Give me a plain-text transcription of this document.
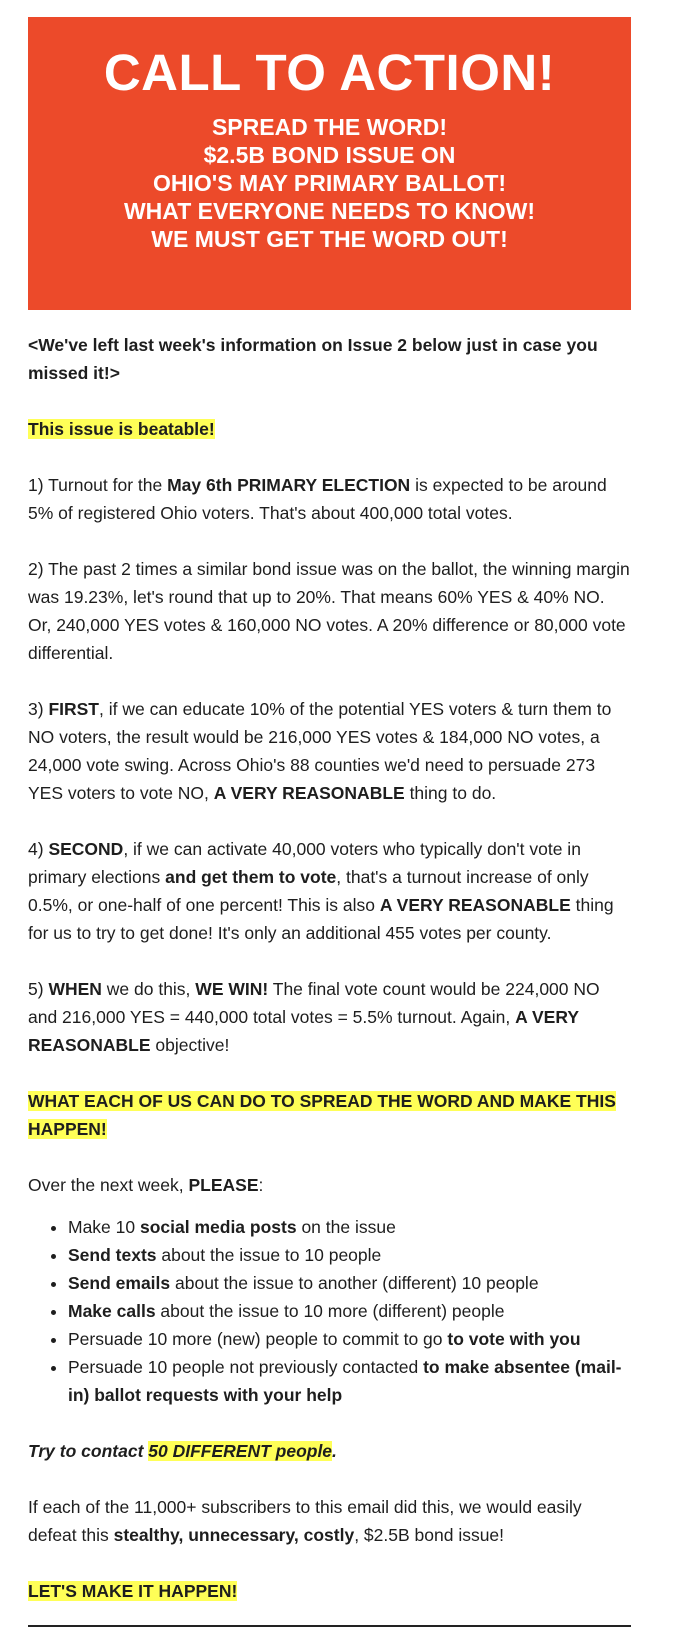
CALL TO ACTION!
SPREAD THE WORD!
$2.5B BOND ISSUE ON
OHIO'S MAY PRIMARY BALLOT!
WHAT EVERYONE NEEDS TO KNOW!
WE MUST GET THE WORD OUT!

<We've left last week's information on Issue 2 below just in case you missed it!>

This issue is beatable!

1) Turnout for the May 6th PRIMARY ELECTION is expected to be around 5% of registered Ohio voters. That's about 400,000 total votes.

2) The past 2 times a similar bond issue was on the ballot, the winning margin was 19.23%, let's round that up to 20%. That means 60% YES & 40% NO. Or, 240,000 YES votes & 160,000 NO votes. A 20% difference or 80,000 vote differential.

3) FIRST, if we can educate 10% of the potential YES voters & turn them to NO voters, the result would be 216,000 YES votes & 184,000 NO votes, a 24,000 vote swing. Across Ohio's 88 counties we'd need to persuade 273 YES voters to vote NO, A VERY REASONABLE thing to do.

4) SECOND, if we can activate 40,000 voters who typically don't vote in primary elections and get them to vote, that's a turnout increase of only 0.5%, or one-half of one percent! This is also A VERY REASONABLE thing for us to try to get done! It's only an additional 455 votes per county.

5) WHEN we do this, WE WIN! The final vote count would be 224,000 NO and 216,000 YES = 440,000 total votes = 5.5% turnout. Again, A VERY REASONABLE objective!

WHAT EACH OF US CAN DO TO SPREAD THE WORD AND MAKE THIS HAPPEN!

Over the next week, PLEASE:

• Make 10 social media posts on the issue
• Send texts about the issue to 10 people
• Send emails about the issue to another (different) 10 people
• Make calls about the issue to 10 more (different) people
• Persuade 10 more (new) people to commit to go to vote with you
• Persuade 10 people not previously contacted to make absentee (mail-in) ballot requests with your help

Try to contact 50 DIFFERENT people.

If each of the 11,000+ subscribers to this email did this, we would easily defeat this stealthy, unnecessary, costly, $2.5B bond issue!

LET'S MAKE IT HAPPEN!
